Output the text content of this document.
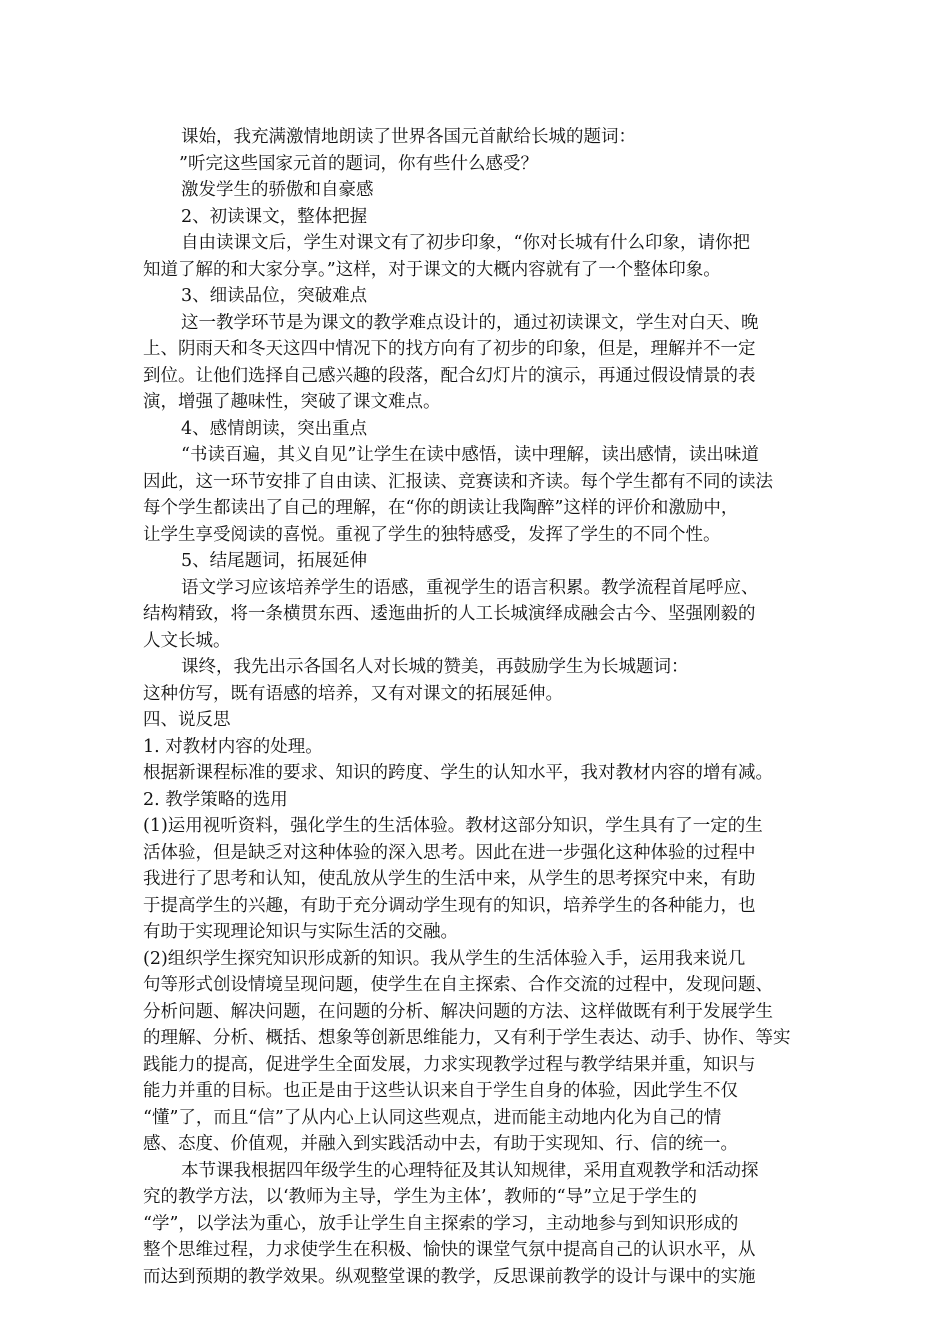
课始，我充满激情地朗读了世界各国元首献给长城的题词：
”听完这些国家元首的题词，你有些什么感受？
激发学生的骄傲和自豪感
2、初读课文，整体把握
自由读课文后，学生对课文有了初步印象，“你对长城有什么印象，请你把
知道了解的和大家分享。”这样，对于课文的大概内容就有了一个整体印象。
3、细读品位，突破难点
这一教学环节是为课文的教学难点设计的，通过初读课文，学生对白天、晚
上、阴雨天和冬天这四中情况下的找方向有了初步的印象，但是，理解并不一定
到位。让他们选择自己感兴趣的段落，配合幻灯片的演示，再通过假设情景的表
演，增强了趣味性，突破了课文难点。
4、感情朗读，突出重点
“书读百遍，其义自见”让学生在读中感悟，读中理解，读出感情，读出味道
因此，这一环节安排了自由读、汇报读、竞赛读和齐读。每个学生都有不同的读法
每个学生都读出了自己的理解，在“你的朗读让我陶醉”这样的评价和激励中，
让学生享受阅读的喜悦。重视了学生的独特感受，发挥了学生的不同个性。
5、结尾题词，拓展延伸
语文学习应该培养学生的语感，重视学生的语言积累。教学流程首尾呼应、
结构精致，将一条横贯东西、逶迤曲折的人工长城演绎成融会古今、坚强刚毅的
人文长城。
课终，我先出示各国名人对长城的赞美，再鼓励学生为长城题词：
这种仿写，既有语感的培养，又有对课文的拓展延伸。
四、说反思
1. 对教材内容的处理。
根据新课程标准的要求、知识的跨度、学生的认知水平，我对教材内容的增有减。
2. 教学策略的选用
(1)运用视听资料，强化学生的生活体验。教材这部分知识，学生具有了一定的生
活体验，但是缺乏对这种体验的深入思考。因此在进一步强化这种体验的过程中
我进行了思考和认知，使乱放从学生的生活中来，从学生的思考探究中来，有助
于提高学生的兴趣，有助于充分调动学生现有的知识，培养学生的各种能力，也
有助于实现理论知识与实际生活的交融。
(2)组织学生探究知识形成新的知识。我从学生的生活体验入手，运用我来说几
句等形式创设情境呈现问题，使学生在自主探索、合作交流的过程中，发现问题、
分析问题、解决问题，在问题的分析、解决问题的方法、这样做既有利于发展学生
的理解、分析、概括、想象等创新思维能力，又有利于学生表达、动手、协作、等实
践能力的提高，促进学生全面发展，力求实现教学过程与教学结果并重，知识与
能力并重的目标。也正是由于这些认识来自于学生自身的体验，因此学生不仅
“懂”了，而且“信”了从内心上认同这些观点，进而能主动地内化为自己的情
感、态度、价值观，并融入到实践活动中去，有助于实现知、行、信的统一。
本节课我根据四年级学生的心理特征及其认知规律，采用直观教学和活动探
究的教学方法，以‘教师为主导，学生为主体’，教师的“导”立足于学生的
“学”，以学法为重心，放手让学生自主探索的学习，主动地参与到知识形成的
整个思维过程，力求使学生在积极、愉快的课堂气氛中提高自己的认识水平，从
而达到预期的教学效果。纵观整堂课的教学，反思课前教学的设计与课中的实施
